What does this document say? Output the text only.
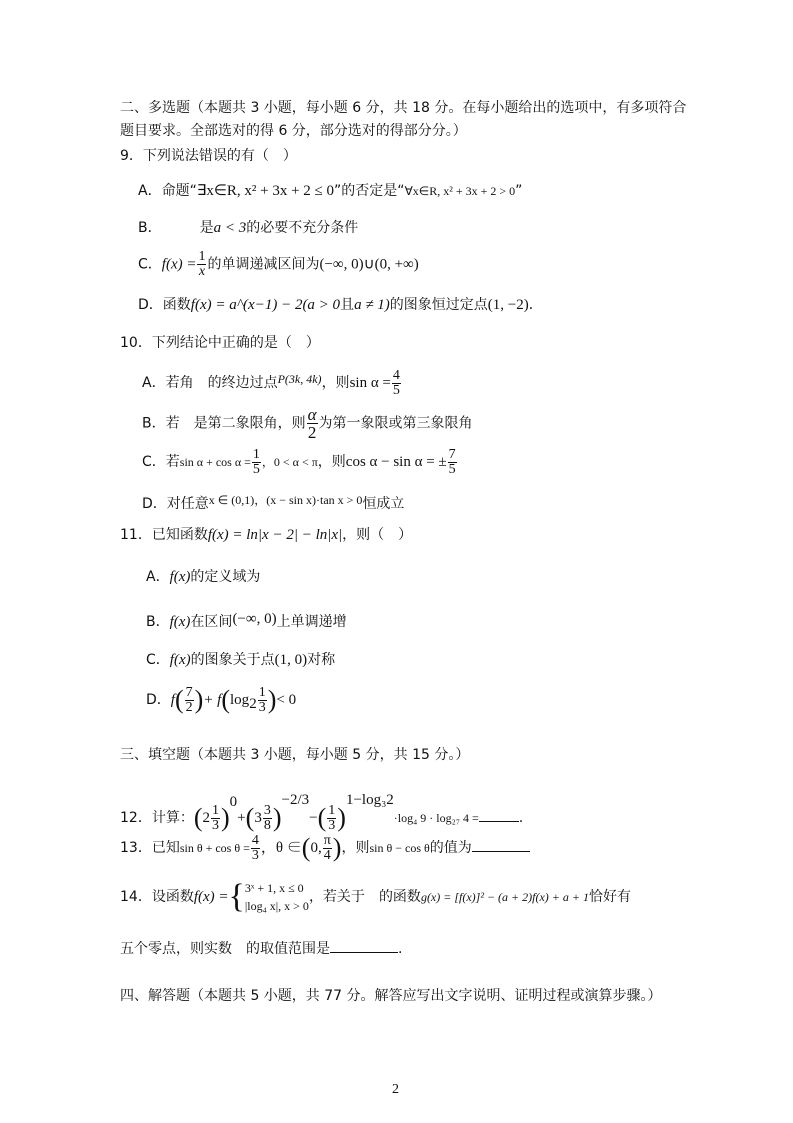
二、多选题（本题共 3 小题，每小题 6 分，共 18 分。在每小题给出的选项中，有多项符合
题目要求。全部选对的得 6 分，部分选对的得部分分。）
9．下列说法错误的有（　）
A．命题“∃x∈R, x² + 3x + 2 ≤ 0”的否定是“∀x∈R, x² + 3x + 2 > 0”
B．	是a < 3的必要不充分条件
C．$f(x) = \frac{1}{x}$ 的单调递减区间为(−∞, 0)∪(0, +∞)
D．函数f(x) = a^(x−1) − 2(a > 0且a ≠ 1)的图象恒过定点(1, −2)．
10．下列结论中正确的是（　）
A．若角 的终边过点P(3k, 4k)，则$\sin \alpha = \frac{4}{5}$
B．若 是第二象限角，则 $\frac{\alpha}{2}$ 为第一象限或第三象限角
C．若$\sin \alpha + \cos \alpha = \frac{1}{5}$ ，0 < α < π，则cos α − sin α = ± $\frac{7}{5}$
D．对任意x ∈ (0,1)，(x − sin x)·tan x > 0恒成立
11．已知函数f(x) = ln|x − 2| − ln|x|，则（　）
A．f(x)的定义域为
B．f(x)在区间(−∞, 0)上单调递增
C．f(x)的图象关于点(1, 0)对称
D．$f( \frac{7}{2}$ )+ $f(\log_2 \frac{1}{3}$ )< 0
三、填空题（本题共 3 小题，每小题 5 分，共 15 分。）
12．计算：$(2 \frac{1}{3} )^0+(3 \frac{3}{8} )^{-2/3}-( \frac{1}{3} )^{1-log_32}\cdot\log_4$ 9 · log₂₇ 4 =	.
13．已知$\sin \theta + \cos \theta = \frac{4}{3}$ ，θ ∈(0, $\frac{\pi}{4}$ )，则sin θ − cos θ的值为
14．设函数f(x) ={ 3ˣ + 1, x ≤ 0
|log₄ x|, x > 0
，若关于 的函数g(x) = [f(x)]² − (a + 2)f(x) + a + 1恰好有
五个零点，则实数 的取值范围是	.
四、解答题（本题共 5 小题，共 77 分。解答应写出文字说明、证明过程或演算步骤。）
2
